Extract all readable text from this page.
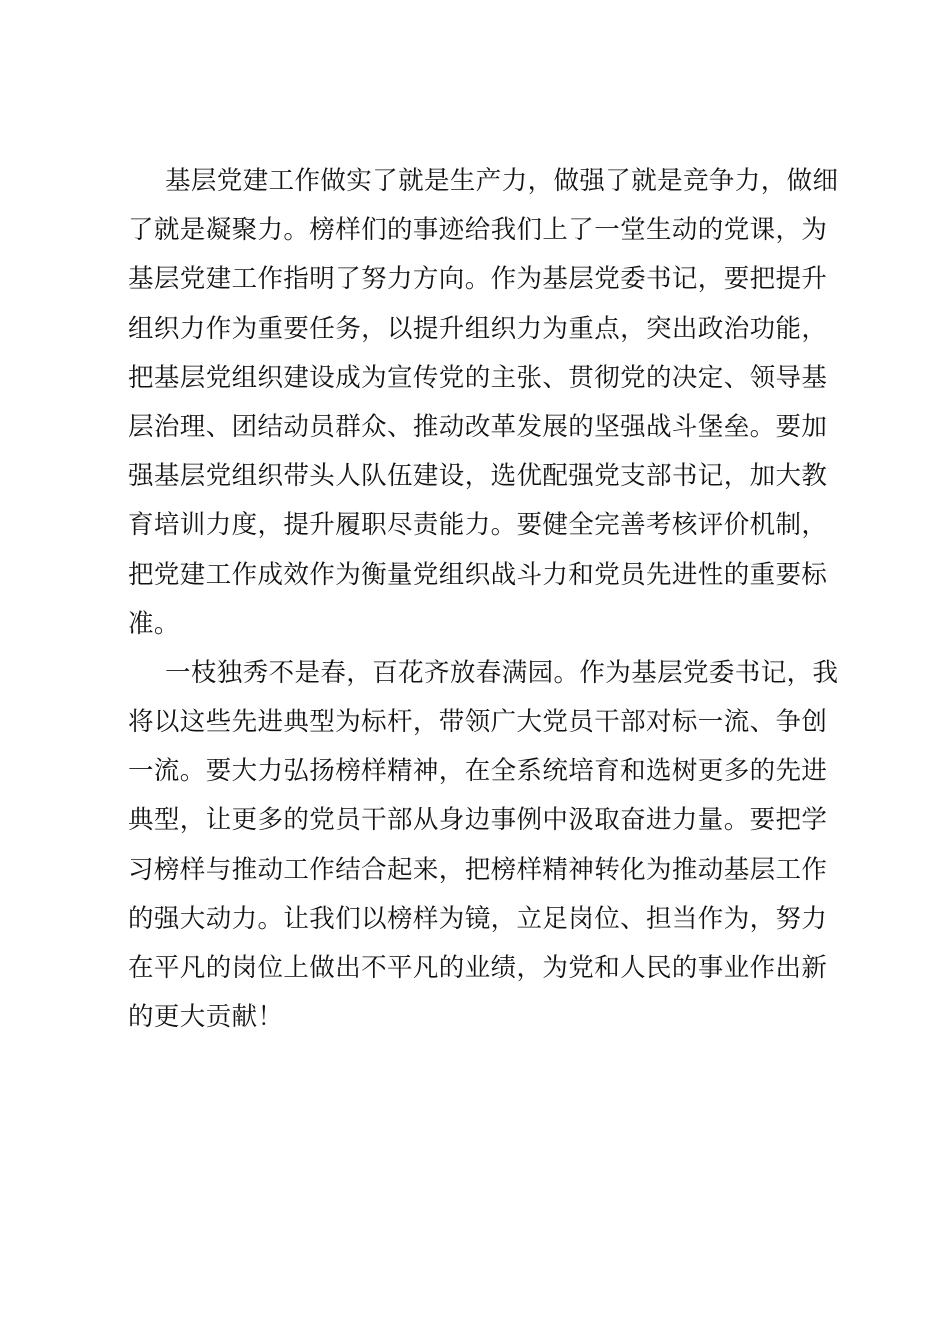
基层党建工作做实了就是生产力，做强了就是竞争力，做细
了就是凝聚力。榜样们的事迹给我们上了一堂生动的党课，为
基层党建工作指明了努力方向。作为基层党委书记，要把提升
组织力作为重要任务，以提升组织力为重点，突出政治功能，
把基层党组织建设成为宣传党的主张、贯彻党的决定、领导基
层治理、团结动员群众、推动改革发展的坚强战斗堡垒。要加
强基层党组织带头人队伍建设，选优配强党支部书记，加大教
育培训力度，提升履职尽责能力。要健全完善考核评价机制，
把党建工作成效作为衡量党组织战斗力和党员先进性的重要标
准。
一枝独秀不是春，百花齐放春满园。作为基层党委书记，我
将以这些先进典型为标杆，带领广大党员干部对标一流、争创
一流。要大力弘扬榜样精神，在全系统培育和选树更多的先进
典型，让更多的党员干部从身边事例中汲取奋进力量。要把学
习榜样与推动工作结合起来，把榜样精神转化为推动基层工作
的强大动力。让我们以榜样为镜，立足岗位、担当作为，努力
在平凡的岗位上做出不平凡的业绩，为党和人民的事业作出新
的更大贡献！
